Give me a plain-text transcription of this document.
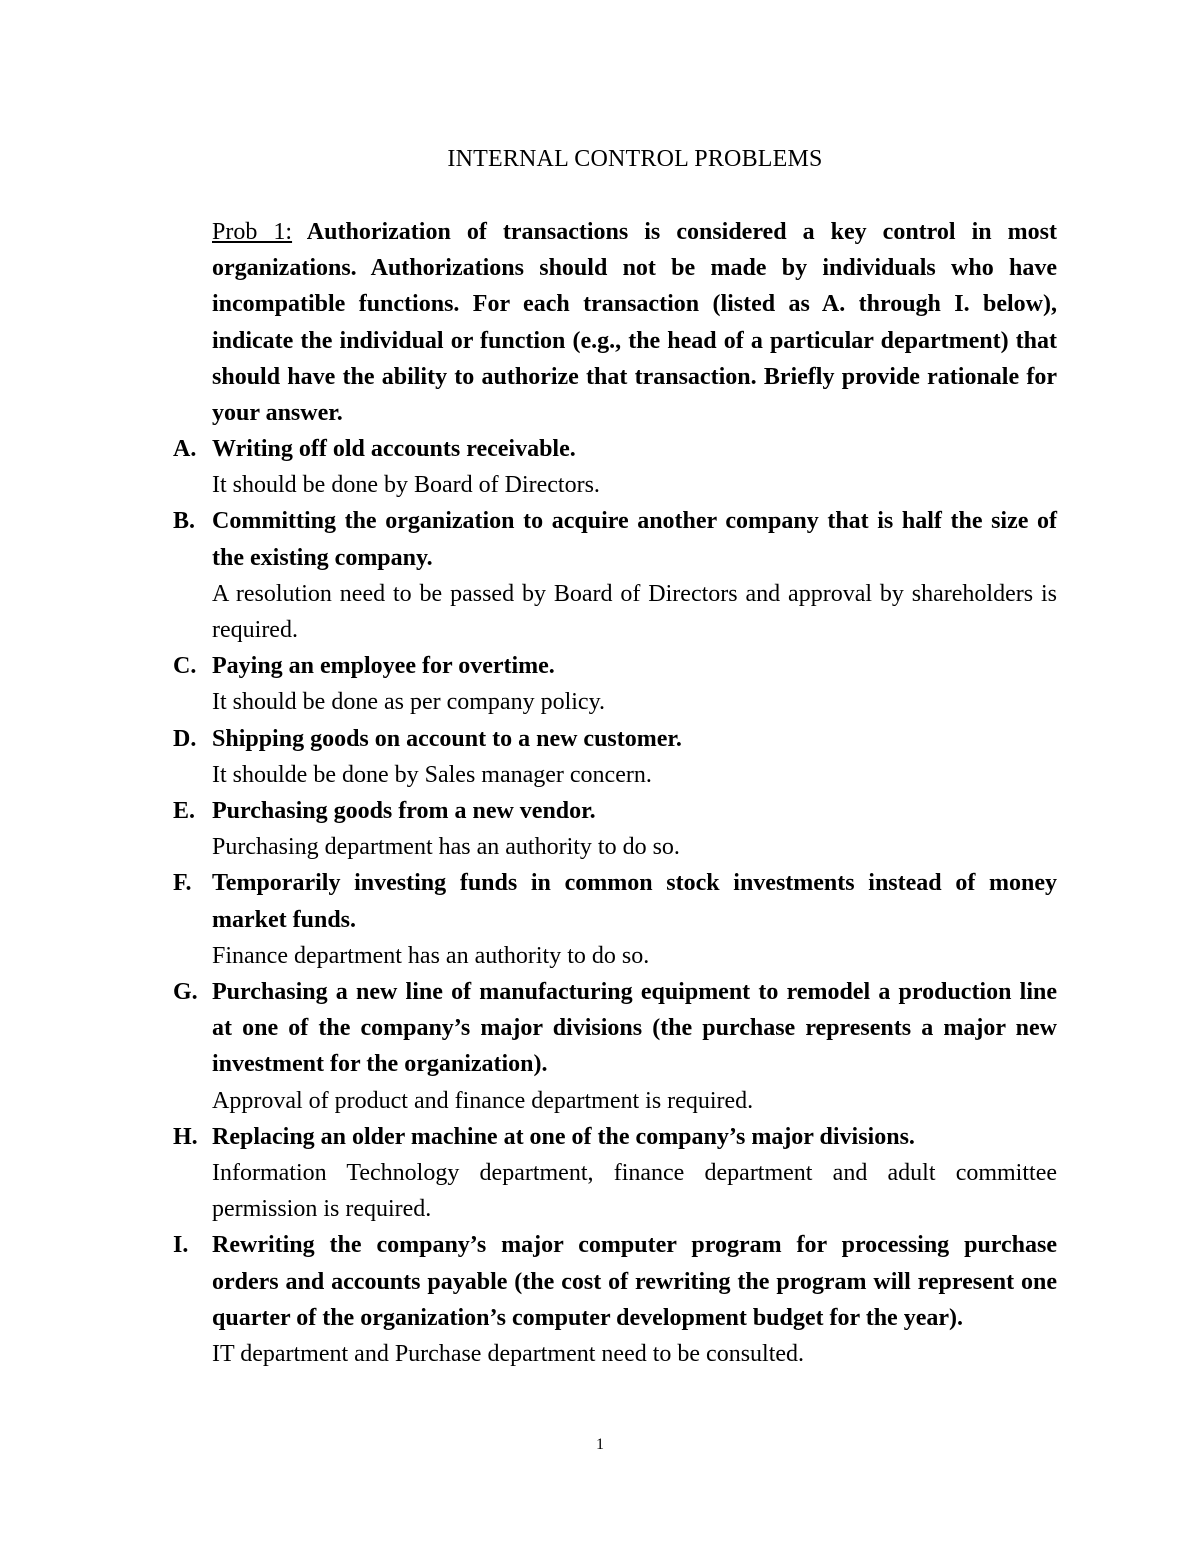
INTERNAL CONTROL PROBLEMS
Prob 1: Authorization of transactions is considered a key control in most organizations. Authorizations should not be made by individuals who have incompatible functions. For each transaction (listed as A. through I. below), indicate the individual or function (e.g., the head of a particular department) that should have the ability to authorize that transaction. Briefly provide rationale for your answer.
A. Writing off old accounts receivable.
It should be done by Board of Directors.
B. Committing the organization to acquire another company that is half the size of the existing company.
A resolution need to be passed by Board of Directors and approval by shareholders is required.
C. Paying an employee for overtime.
It should be done as per company policy.
D. Shipping goods on account to a new customer.
It shoulde be done by Sales manager concern.
E. Purchasing goods from a new vendor.
Purchasing department has an authority to do so.
F. Temporarily investing funds in common stock investments instead of money market funds.
Finance department has an authority to do so.
G. Purchasing a new line of manufacturing equipment to remodel a production line at one of the company’s major divisions (the purchase represents a major new investment for the organization).
Approval of product and finance department is required.
H. Replacing an older machine at one of the company’s major divisions.
Information Technology department, finance department and adult committee permission is required.
I. Rewriting the company’s major computer program for processing purchase orders and accounts payable (the cost of rewriting the program will represent one quarter of the organization’s computer development budget for the year).
IT department and Purchase department need to be consulted.
1
